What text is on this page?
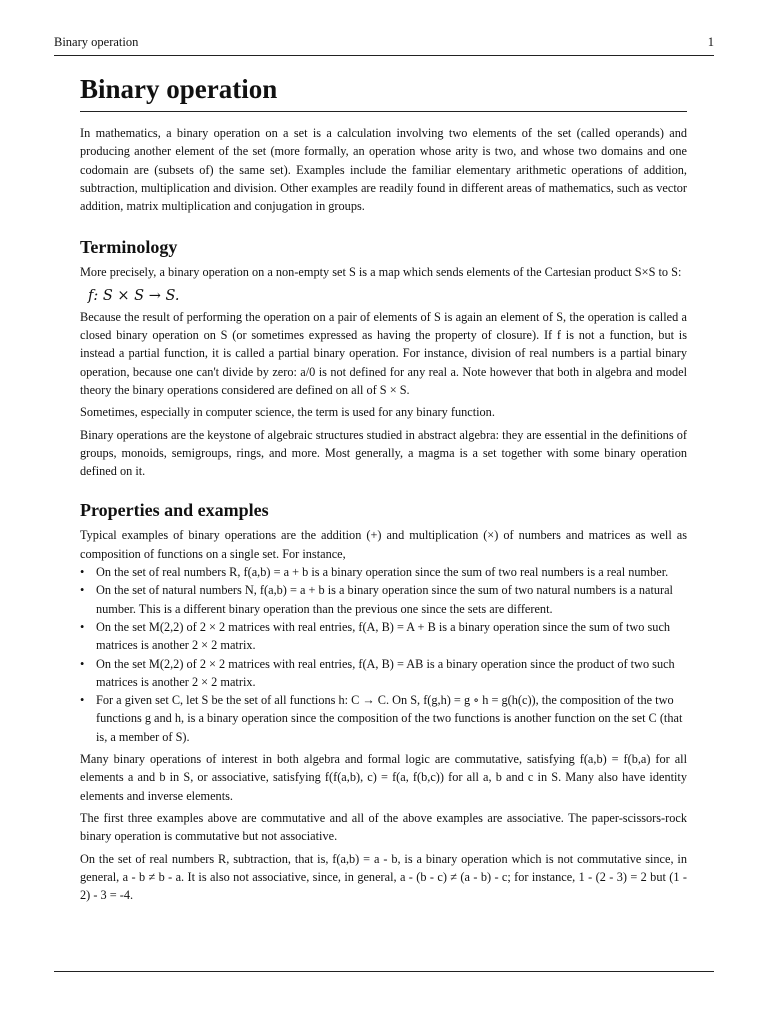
Binary operation	1
Binary operation

In mathematics, a binary operation on a set is a calculation involving two elements of the set (called operands) and producing another element of the set (more formally, an operation whose arity is two, and whose two domains and one codomain are (subsets of) the same set). Examples include the familiar elementary arithmetic operations of addition, subtraction, multiplication and division. Other examples are readily found in different areas of mathematics, such as vector addition, matrix multiplication and conjugation in groups.

Terminology

More precisely, a binary operation on a non-empty set S is a map which sends elements of the Cartesian product S×S to S:

f: S × S → S.

Because the result of performing the operation on a pair of elements of S is again an element of S, the operation is called a closed binary operation on S (or sometimes expressed as having the property of closure). If f is not a function, but is instead a partial function, it is called a partial binary operation. For instance, division of real numbers is a partial binary operation, because one can't divide by zero: a/0 is not defined for any real a. Note however that both in algebra and model theory the binary operations considered are defined on all of S × S.

Sometimes, especially in computer science, the term is used for any binary function.

Binary operations are the keystone of algebraic structures studied in abstract algebra: they are essential in the definitions of groups, monoids, semigroups, rings, and more. Most generally, a magma is a set together with some binary operation defined on it.

Properties and examples

Typical examples of binary operations are the addition (+) and multiplication (×) of numbers and matrices as well as composition of functions on a single set. For instance,

• On the set of real numbers R, f(a,b) = a + b is a binary operation since the sum of two real numbers is a real number.
• On the set of natural numbers N, f(a,b) = a + b is a binary operation since the sum of two natural numbers is a natural number. This is a different binary operation than the previous one since the sets are different.
• On the set M(2,2) of 2 × 2 matrices with real entries, f(A, B) = A + B is a binary operation since the sum of two such matrices is another 2 × 2 matrix.
• On the set M(2,2) of 2 × 2 matrices with real entries, f(A, B) = AB is a binary operation since the product of two such matrices is another 2 × 2 matrix.
• For a given set C, let S be the set of all functions h: C → C. On S, f(g,h) = g ∘ h = g(h(c)), the composition of the two functions g and h, is a binary operation since the composition of the two functions is another function on the set C (that is, a member of S).

Many binary operations of interest in both algebra and formal logic are commutative, satisfying f(a,b) = f(b,a) for all elements a and b in S, or associative, satisfying f(f(a,b), c) = f(a, f(b,c)) for all a, b and c in S. Many also have identity elements and inverse elements.

The first three examples above are commutative and all of the above examples are associative. The paper-scissors-rock binary operation is commutative but not associative.

On the set of real numbers R, subtraction, that is, f(a,b) = a - b, is a binary operation which is not commutative since, in general, a - b ≠ b - a. It is also not associative, since, in general, a - (b - c) ≠ (a - b) - c; for instance, 1 - (2 - 3) = 2 but (1 - 2) - 3 = -4.
